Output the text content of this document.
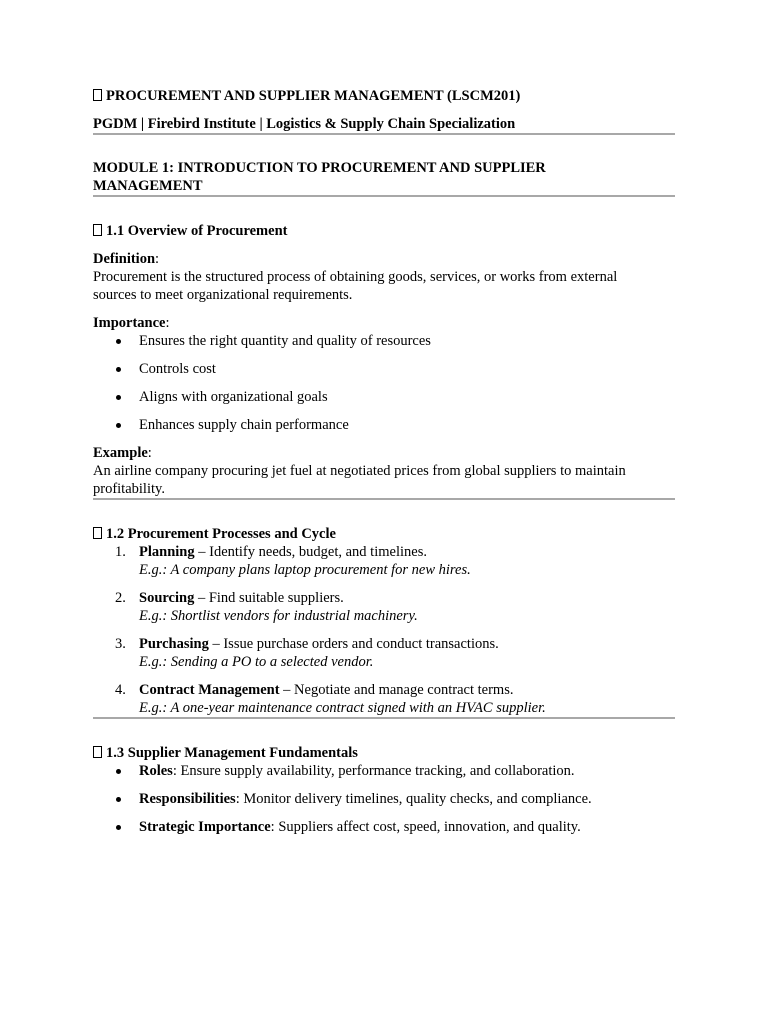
PROCUREMENT AND SUPPLIER MANAGEMENT (LSCM201)
PGDM | Firebird Institute | Logistics & Supply Chain Specialization
MODULE 1: INTRODUCTION TO PROCUREMENT AND SUPPLIER
MANAGEMENT
1.1 Overview of Procurement
Definition:
Procurement is the structured process of obtaining goods, services, or works from external
sources to meet organizational requirements.
Importance:
Ensures the right quantity and quality of resources
Controls cost
Aligns with organizational goals
Enhances supply chain performance
Example:
An airline company procuring jet fuel at negotiated prices from global suppliers to maintain
profitability.
1.2 Procurement Processes and Cycle
1. Planning – Identify needs, budget, and timelines.
E.g.: A company plans laptop procurement for new hires.
2. Sourcing – Find suitable suppliers.
E.g.: Shortlist vendors for industrial machinery.
3. Purchasing – Issue purchase orders and conduct transactions.
E.g.: Sending a PO to a selected vendor.
4. Contract Management – Negotiate and manage contract terms.
E.g.: A one-year maintenance contract signed with an HVAC supplier.
1.3 Supplier Management Fundamentals
Roles: Ensure supply availability, performance tracking, and collaboration.
Responsibilities: Monitor delivery timelines, quality checks, and compliance.
Strategic Importance: Suppliers affect cost, speed, innovation, and quality.
